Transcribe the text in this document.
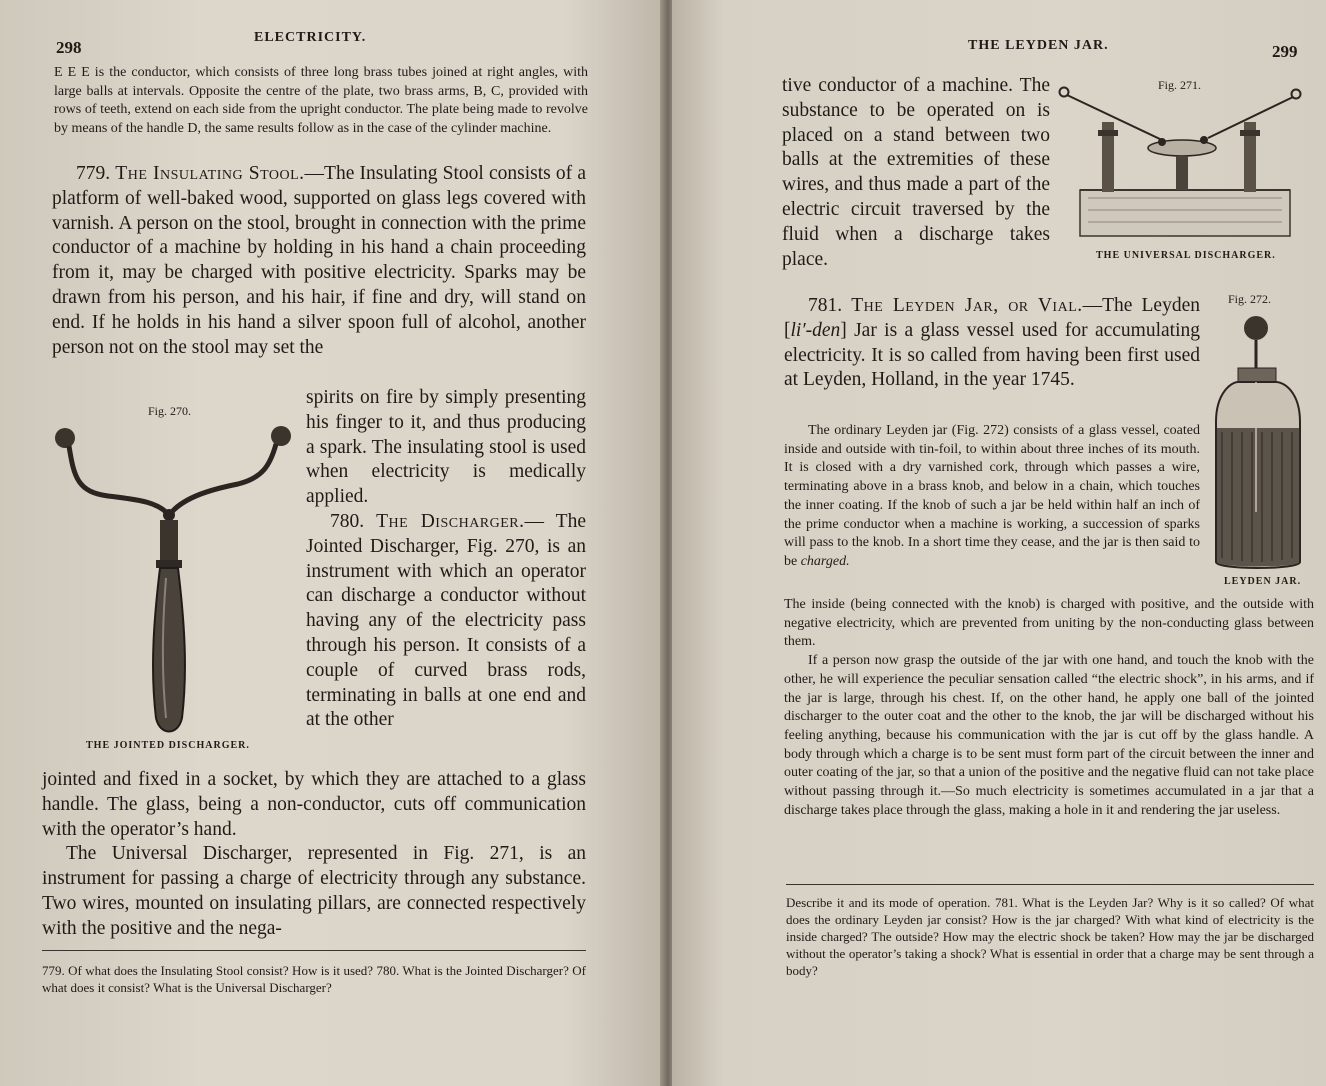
298
ELECTRICITY.

E E E is the conductor, which consists of three long brass tubes joined at right angles, with large balls at intervals. Opposite the centre of the plate, two brass arms, B, C, provided with rows of teeth, extend on each side from the upright conductor. The plate being made to revolve by means of the handle D, the same results follow as in the case of the cylinder machine.

779. The Insulating Stool.—The Insulating Stool consists of a platform of well-baked wood, supported on glass legs covered with varnish. A person on the stool, brought in connection with the prime conductor of a machine by holding in his hand a chain proceeding from it, may be charged with positive electricity. Sparks may be drawn from his person, and his hair, if fine and dry, will stand on end. If he holds in his hand a silver spoon full of alcohol, another person not on the stool may set the

Fig. 270.
THE JOINTED DISCHARGER.

spirits on fire by simply presenting his finger to it, and thus producing a spark. The insulating stool is used when electricity is medically applied.

780. The Discharger.— The Jointed Discharger, Fig. 270, is an instrument with which an operator can discharge a conductor without having any of the electricity pass through his person. It consists of a couple of curved brass rods, terminating in balls at one end and at the other

jointed and fixed in a socket, by which they are attached to a glass handle. The glass, being a non-conductor, cuts off communication with the operator’s hand.

The Universal Discharger, represented in Fig. 271, is an instrument for passing a charge of electricity through any substance. Two wires, mounted on insulating pillars, are connected respectively with the positive and the nega-

779. Of what does the Insulating Stool consist? How is it used? 780. What is the Jointed Discharger? Of what does it consist? What is the Universal Discharger?

THE LEYDEN JAR.	299

tive conductor of a machine. The substance to be operated on is placed on a stand between two balls at the extremities of these wires, and thus made a part of the electric circuit traversed by the fluid when a discharge takes place.

Fig. 271.
THE UNIVERSAL DISCHARGER.
Fig. 272.
LEYDEN JAR.

781. The Leyden Jar, or Vial.—The Leyden [li′-den] Jar is a glass vessel used for accumulating electricity. It is so called from having been first used at Leyden, Holland, in the year 1745.

The ordinary Leyden jar (Fig. 272) consists of a glass vessel, coated inside and outside with tin-foil, to within about three inches of its mouth. It is closed with a dry varnished cork, through which passes a wire, terminating above in a brass knob, and below in a chain, which touches the inner coating. If the knob of such a jar be held within half an inch of the prime conductor when a machine is working, a succession of sparks will pass to the knob. In a short time they cease, and the jar is then said to be charged.

The inside (being connected with the knob) is charged with positive, and the outside with negative electricity, which are prevented from uniting by the non-conducting glass between them.

If a person now grasp the outside of the jar with one hand, and touch the knob with the other, he will experience the peculiar sensation called “the electric shock”, in his arms, and if the jar is large, through his chest. If, on the other hand, he apply one ball of the jointed discharger to the outer coat and the other to the knob, the jar will be discharged without his feeling anything, because his communication with the jar is cut off by the glass handle. A body through which a charge is to be sent must form part of the circuit between the inner and outer coating of the jar, so that a union of the positive and the negative fluid can not take place without passing through it.—So much electricity is sometimes accumulated in a jar that a discharge takes place through the glass, making a hole in it and rendering the jar useless.

Describe it and its mode of operation. 781. What is the Leyden Jar? Why is it so called? Of what does the ordinary Leyden jar consist? How is the jar charged? With what kind of electricity is the inside charged? The outside? How may the electric shock be taken? How may the jar be discharged without the operator’s taking a shock? What is essential in order that a charge may be sent through a body?
